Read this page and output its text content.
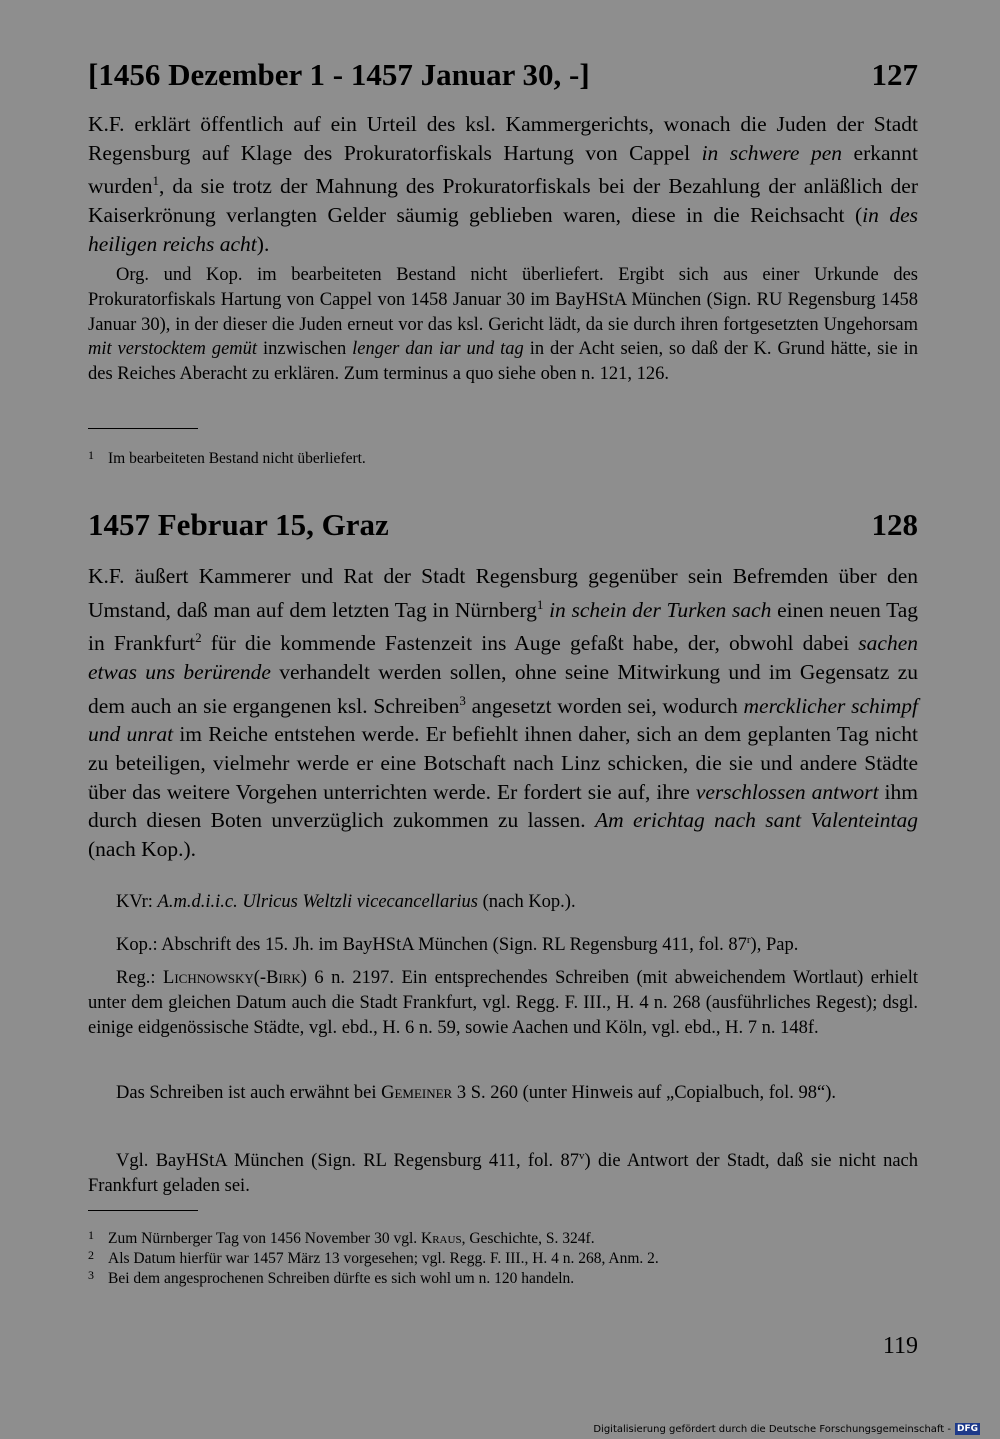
[1456 Dezember 1 - 1457 Januar 30, -]	127
K.F. erklärt öffentlich auf ein Urteil des ksl. Kammergerichts, wonach die Juden der Stadt Regensburg auf Klage des Prokuratorfiskals Hartung von Cappel in schwere pen erkannt wurden$^1$, da sie trotz der Mahnung des Prokuratorfiskals bei der Bezahlung der anläßlich der Kaiserkrönung verlangten Gelder säumig geblieben waren, diese in die Reichsacht (in des heiligen reichs acht).
Org. und Kop. im bearbeiteten Bestand nicht überliefert. Ergibt sich aus einer Urkunde des Prokuratorfiskals Hartung von Cappel von 1458 Januar 30 im BayHStA München (Sign. RU Regensburg 1458 Januar 30), in der dieser die Juden erneut vor das ksl. Gericht lädt, da sie durch ihren fortgesetzten Ungehorsam mit verstocktem gemüt inzwischen lenger dan iar und tag in der Acht seien, so daß der K. Grund hätte, sie in des Reiches Aberacht zu erklären. Zum terminus a quo siehe oben n. 121, 126.
1 Im bearbeiteten Bestand nicht überliefert.
1457 Februar 15, Graz	128
K.F. äußert Kammerer und Rat der Stadt Regensburg gegenüber sein Befremden über den Umstand, daß man auf dem letzten Tag in Nürnberg$^1$ in schein der Turken sach einen neuen Tag in Frankfurt$^2$ für die kommende Fastenzeit ins Auge gefaßt habe, der, obwohl dabei sachen etwas uns berürende verhandelt werden sollen, ohne seine Mitwirkung und im Gegensatz zu dem auch an sie ergangenen ksl. Schreiben$^3$ angesetzt worden sei, wodurch mercklicher schimpf und unrat im Reiche entstehen werde. Er befiehlt ihnen daher, sich an dem geplanten Tag nicht zu beteiligen, vielmehr werde er eine Botschaft nach Linz schicken, die sie und andere Städte über das weitere Vorgehen unterrichten werde. Er fordert sie auf, ihre verschlossen antwort ihm durch diesen Boten unverzüglich zukommen zu lassen. Am erichtag nach sant Valenteintag (nach Kop.).
KVr: A.m.d.i.i.c. Ulricus Weltzli vicecancellarius (nach Kop.).
Kop.: Abschrift des 15. Jh. im BayHStA München (Sign. RL Regensburg 411, fol. 87$^r$), Pap.
Reg.: Lichnowsky(-Birk) 6 n. 2197. Ein entsprechendes Schreiben (mit abweichendem Wortlaut) erhielt unter dem gleichen Datum auch die Stadt Frankfurt, vgl. Regg. F. III., H. 4 n. 268 (ausführliches Regest); dsgl. einige eidgenössische Städte, vgl. ebd., H. 6 n. 59, sowie Aachen und Köln, vgl. ebd., H. 7 n. 148f.
Das Schreiben ist auch erwähnt bei Gemeiner 3 S. 260 (unter Hinweis auf „Copialbuch, fol. 98“).
Vgl. BayHStA München (Sign. RL Regensburg 411, fol. 87$^v$) die Antwort der Stadt, daß sie nicht nach Frankfurt geladen sei.
1 Zum Nürnberger Tag von 1456 November 30 vgl. Kraus, Geschichte, S. 324f.
2 Als Datum hierfür war 1457 März 13 vorgesehen; vgl. Regg. F. III., H. 4 n. 268, Anm. 2.
3 Bei dem angesprochenen Schreiben dürfte es sich wohl um n. 120 handeln.
119
Digitalisierung gefördert durch die Deutsche Forschungsgemeinschaft - DFG
